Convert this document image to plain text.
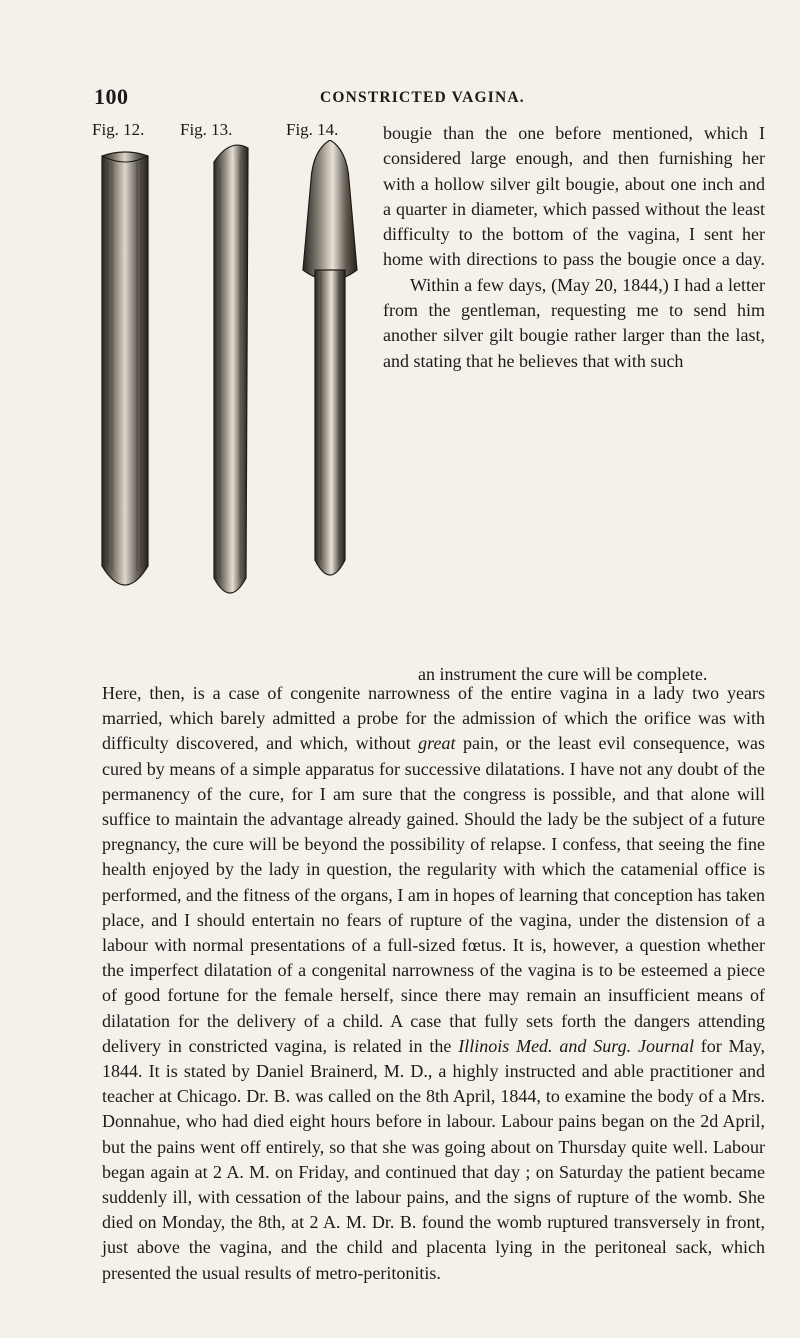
100	CONSTRICTED VAGINA.
Fig. 12. Fig. 13.	Fig. 14. bougie than the one before mentioned, which I considered large enough, and then furnishing her with a hollow silver gilt bougie, about one inch and a quarter in diameter, which passed without the least difficulty to the bottom of the vagina, I sent her home with directions to pass the bougie once a day.

Within a few days, (May 20, 1844,) I had a letter from the gentleman, requesting me to send him another silver gilt bougie rather larger than the last, and stating that he believes that with such

an instrument the cure will be complete.

Here, then, is a case of congenite narrowness of the entire vagina in a lady two years married, which barely admitted a probe for the admission of which the orifice was with difficulty discovered, and which, without great pain, or the least evil consequence, was cured by means of a simple apparatus for successive dilatations. I have not any doubt of the permanency of the cure, for I am sure that the congress is possible, and that alone will suffice to maintain the advantage already gained. Should the lady be the subject of a future pregnancy, the cure will be beyond the possibility of relapse. I confess, that seeing the fine health enjoyed by the lady in question, the regularity with which the catamenial office is performed, and the fitness of the organs, I am in hopes of learning that conception has taken place, and I should entertain no fears of rupture of the vagina, under the distension of a labour with normal presentations of a full-sized fœtus. It is, however, a question whether the imperfect dilatation of a congenital narrowness of the vagina is to be esteemed a piece of good fortune for the female herself, since there may remain an insufficient means of dilatation for the delivery of a child. A case that fully sets forth the dangers attending delivery in constricted vagina, is related in the Illinois Med. and Surg. Journal for May, 1844. It is stated by Daniel Brainerd, M. D., a highly instructed and able practitioner and teacher at Chicago. Dr. B. was called on the 8th April, 1844, to examine the body of a Mrs. Donnahue, who had died eight hours before in labour. Labour pains began on the 2d April, but the pains went off entirely, so that she was going about on Thursday quite well. Labour began again at 2 A. M. on Friday, and continued that day ; on Saturday the patient became suddenly ill, with cessation of the labour pains, and the signs of rupture of the womb. She died on Monday, the 8th, at 2 A. M. Dr. B. found the womb ruptured transversely in front, just above the vagina, and the child and placenta lying in the peritoneal sack, which presented the usual results of metro-peritonitis.
